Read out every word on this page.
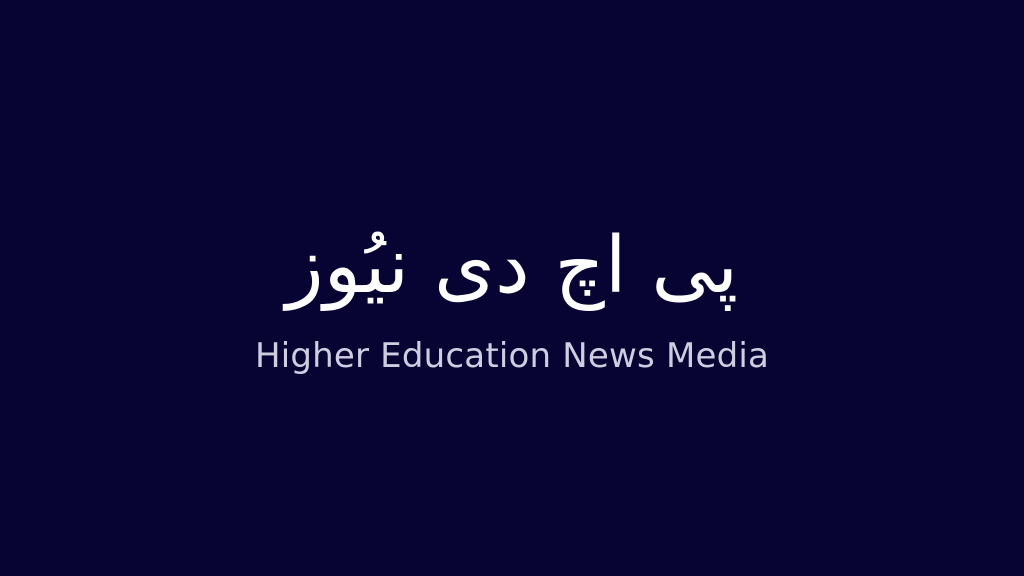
پی اچ دی نیُوز
Higher Education News Media
